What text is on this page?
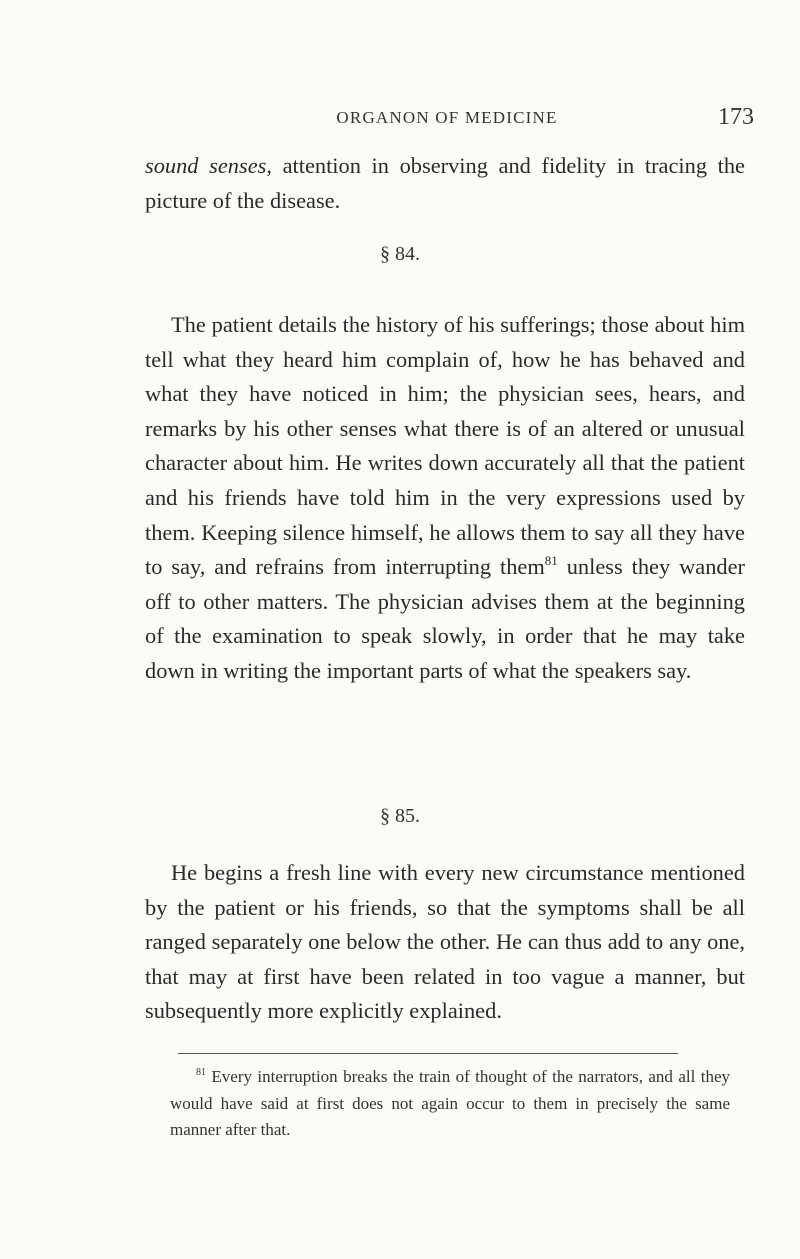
ORGANON OF MEDICINE	173

sound senses, attention in observing and fidelity in tracing the picture of the disease.

§ 84.

The patient details the history of his sufferings; those about him tell what they heard him complain of, how he has behaved and what they have noticed in him; the physician sees, hears, and remarks by his other senses what there is of an altered or unusual character about him. He writes down accurately all that the patient and his friends have told him in the very expressions used by them. Keeping silence himself, he allows them to say all they have to say, and refrains from interrupting them$^{81}$ unless they wander off to other matters. The physician advises them at the beginning of the examination to speak slowly, in order that he may take down in writing the important parts of what the speakers say.

§ 85.

He begins a fresh line with every new circumstance mentioned by the patient or his friends, so that the symptoms shall be all ranged separately one below the other. He can thus add to any one, that may at first have been related in too vague a manner, but subsequently more explicitly explained.

$^{81}$ Every interruption breaks the train of thought of the narrators, and all they would have said at first does not again occur to them in precisely the same manner after that.
